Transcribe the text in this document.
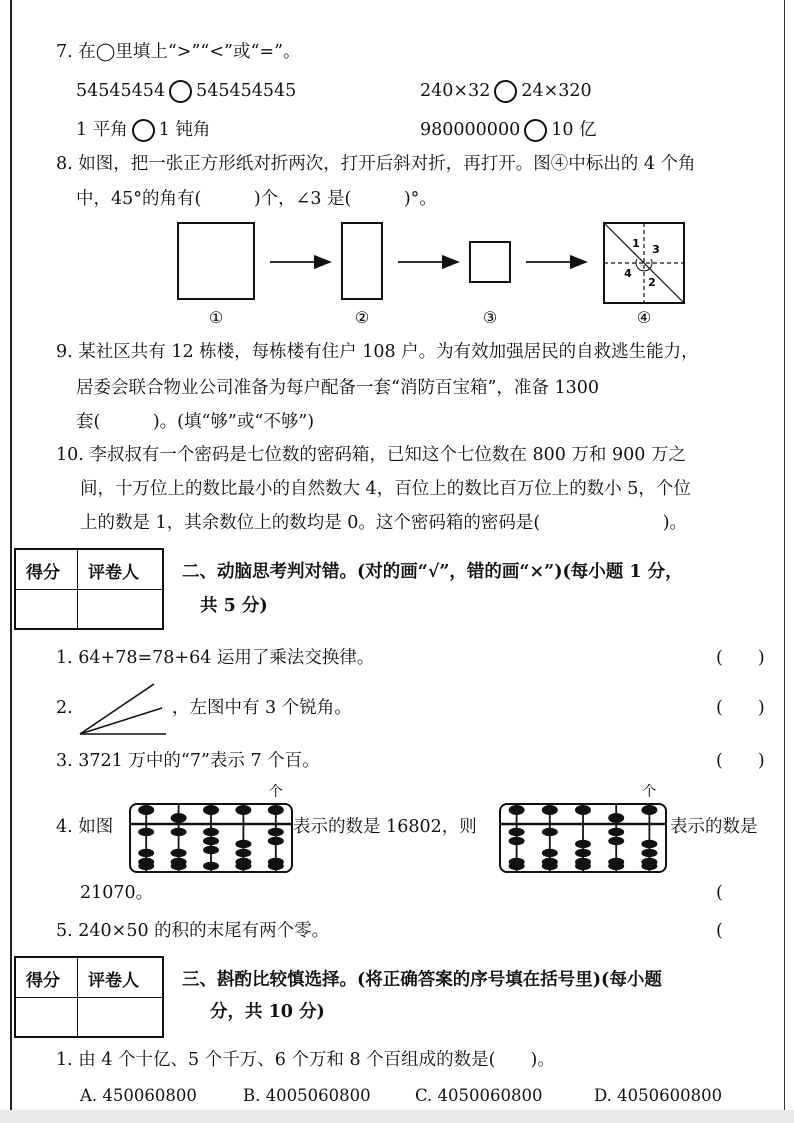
7. 在◯里填上“>”“<”或“=”。
54545454 545454545	240×32 24×320
1 平角 1 钝角	980000000 10 亿
8. 如图，把一张正方形纸对折两次，打开后斜对折，再打开。图④中标出的 4 个角
中，45°的角有(　　　)个，∠3 是(　　　)°。
①	②	③	④
1
2
3
4
9. 某社区共有 12 栋楼，每栋楼有住户 108 户。为有效加强居民的自救逃生能力，
居委会联合物业公司准备为每户配备一套“消防百宝箱”，准备 1300
套(　　　)。(填“够”或“不够”)
10. 李叔叔有一个密码是七位数的密码箱，已知这个七位数在 800 万和 900 万之
间，十万位上的数比最小的自然数大 4，百位上的数比百万位上的数小 5，个位
上的数是 1，其余数位上的数均是 0。这个密码箱的密码是(　　　　　　　)。
得分 评卷人 二、动脑思考判对错。(对的画“√”，错的画“×”)(每小题 1 分，
共 5 分)
1. 64+78=78+64 运用了乘法交换律。	(　　)
2.	，左图中有 3 个锐角。	(　　)
3. 3721 万中的“7”表示 7 个百。	(　　)
4. 如图
个
表示的数是 16802，则
个
表示的数是
21070。	(
5. 240×50 的积的末尾有两个零。	(
得分 评卷人 三、斟酌比较慎选择。(将正确答案的序号填在括号里)(每小题
分，共 10 分)
1. 由 4 个十亿、5 个千万、6 个万和 8 个百组成的数是(　　)。
A. 450060800	B. 4005060800	C. 4050060800	D. 4050600800
